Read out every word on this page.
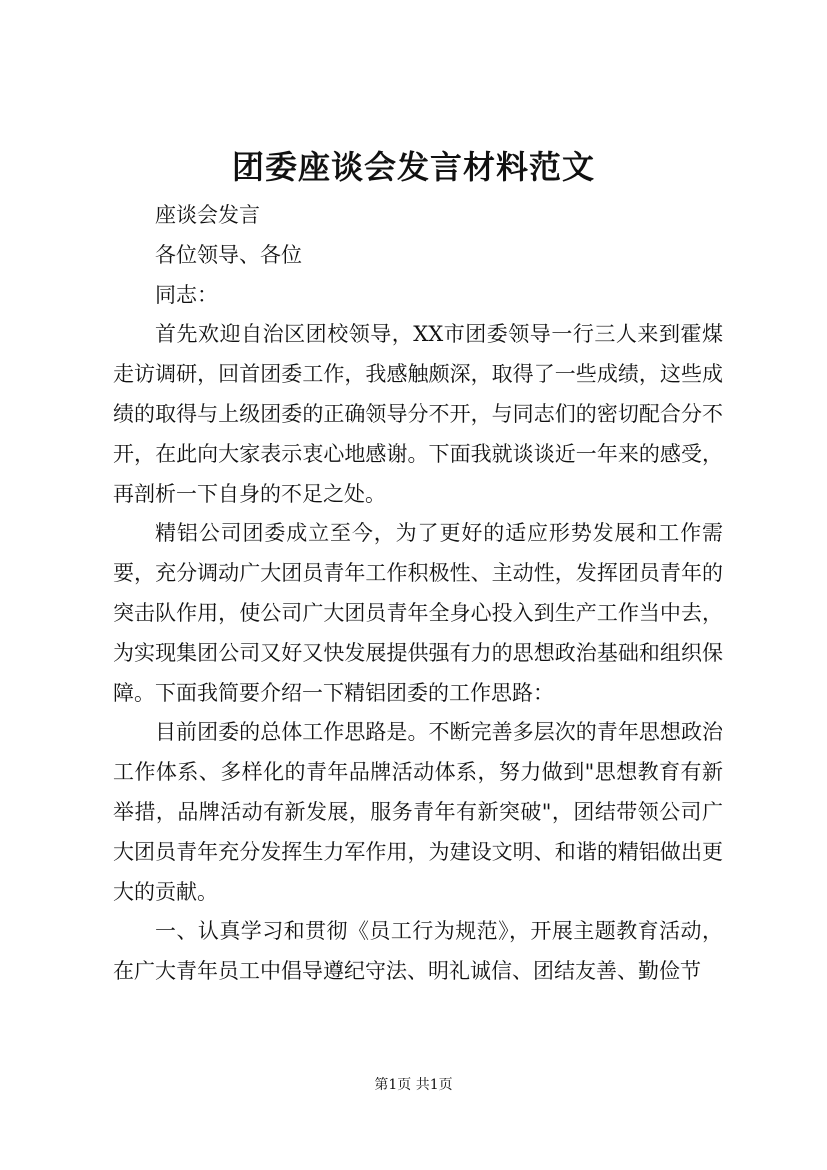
团委座谈会发言材料范文

座谈会发言

各位领导、各位

同志：

首先欢迎自治区团校领导，XX市团委领导一行三人来到霍煤走访调研，回首团委工作，我感触颇深，取得了一些成绩，这些成绩的取得与上级团委的正确领导分不开，与同志们的密切配合分不开，在此向大家表示衷心地感谢。下面我就谈谈近一年来的感受，再剖析一下自身的不足之处。

精铝公司团委成立至今，为了更好的适应形势发展和工作需要，充分调动广大团员青年工作积极性、主动性，发挥团员青年的突击队作用，使公司广大团员青年全身心投入到生产工作当中去，为实现集团公司又好又快发展提供强有力的思想政治基础和组织保障。下面我简要介绍一下精铝团委的工作思路：

目前团委的总体工作思路是。不断完善多层次的青年思想政治工作体系、多样化的青年品牌活动体系，努力做到"思想教育有新举措，品牌活动有新发展，服务青年有新突破"，团结带领公司广大团员青年充分发挥生力军作用，为建设文明、和谐的精铝做出更大的贡献。

一、认真学习和贯彻《员工行为规范》，开展主题教育活动，在广大青年员工中倡导遵纪守法、明礼诚信、团结友善、勤俭节

第1页 共1页
